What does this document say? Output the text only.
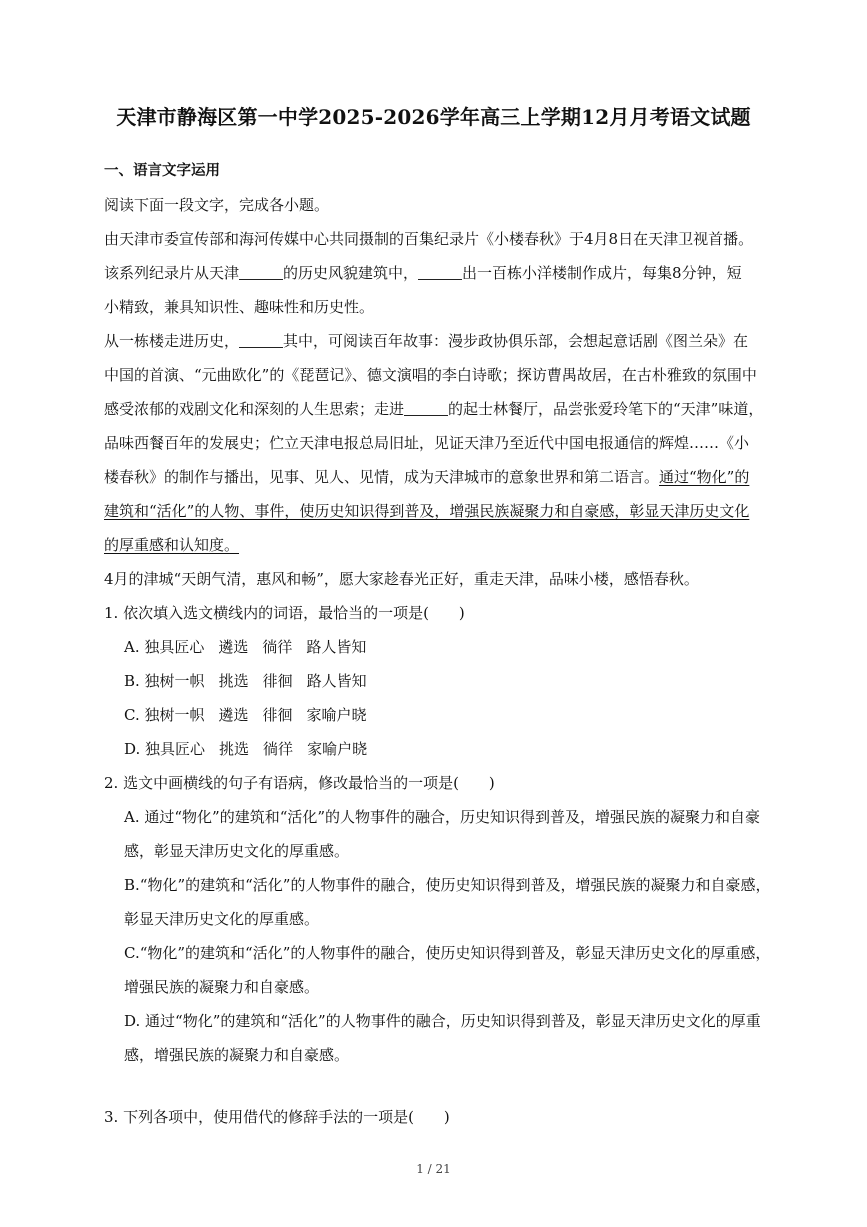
天津市静海区第一中学2025-2026学年高三上学期12月月考语文试题
一、语言文字运用
阅读下面一段文字，完成各小题。
由天津市委宣传部和海河传媒中心共同摄制的百集纪录片《小楼春秋》于4月8日在天津卫视首播。
该系列纪录片从天津	的历史风貌建筑中，	出一百栋小洋楼制作成片，每集8分钟，短
小精致，兼具知识性、趣味性和历史性。
从一栋楼走进历史，	其中，可阅读百年故事：漫步政协俱乐部，会想起意话剧《图兰朵》在
中国的首演、“元曲欧化”的《琵琶记》、德文演唱的李白诗歌；探访曹禺故居，在古朴雅致的氛围中
感受浓郁的戏剧文化和深刻的人生思索；走进	的起士林餐厅，品尝张爱玲笔下的“天津”味道，
品味西餐百年的发展史；伫立天津电报总局旧址，见证天津乃至近代中国电报通信的辉煌……《小
楼春秋》的制作与播出，见事、见人、见情，成为天津城市的意象世界和第二语言。通过“物化”的
建筑和“活化”的人物、事件，使历史知识得到普及，增强民族凝聚力和自豪感，彰显天津历史文化
的厚重感和认知度。
4月的津城“天朗气清，惠风和畅”，愿大家趁春光正好，重走天津，品味小楼，感悟春秋。
1. 依次填入选文横线内的词语，最恰当的一项是(　　)
A. 独具匠心 遴选 徜徉 路人皆知
B. 独树一帜 挑选 徘徊 路人皆知
C. 独树一帜 遴选 徘徊 家喻户晓
D. 独具匠心 挑选 徜徉 家喻户晓
2. 选文中画横线的句子有语病，修改最恰当的一项是(　　)
A. 通过“物化”的建筑和“活化”的人物事件的融合，历史知识得到普及，增强民族的凝聚力和自豪
感，彰显天津历史文化的厚重感。
B.“物化”的建筑和“活化”的人物事件的融合，使历史知识得到普及，增强民族的凝聚力和自豪感，
彰显天津历史文化的厚重感。
C.“物化”的建筑和“活化”的人物事件的融合，使历史知识得到普及，彰显天津历史文化的厚重感，
增强民族的凝聚力和自豪感。
D. 通过“物化”的建筑和“活化”的人物事件的融合，历史知识得到普及，彰显天津历史文化的厚重
感，增强民族的凝聚力和自豪感。
3. 下列各项中，使用借代的修辞手法的一项是(　　)
1 / 21
